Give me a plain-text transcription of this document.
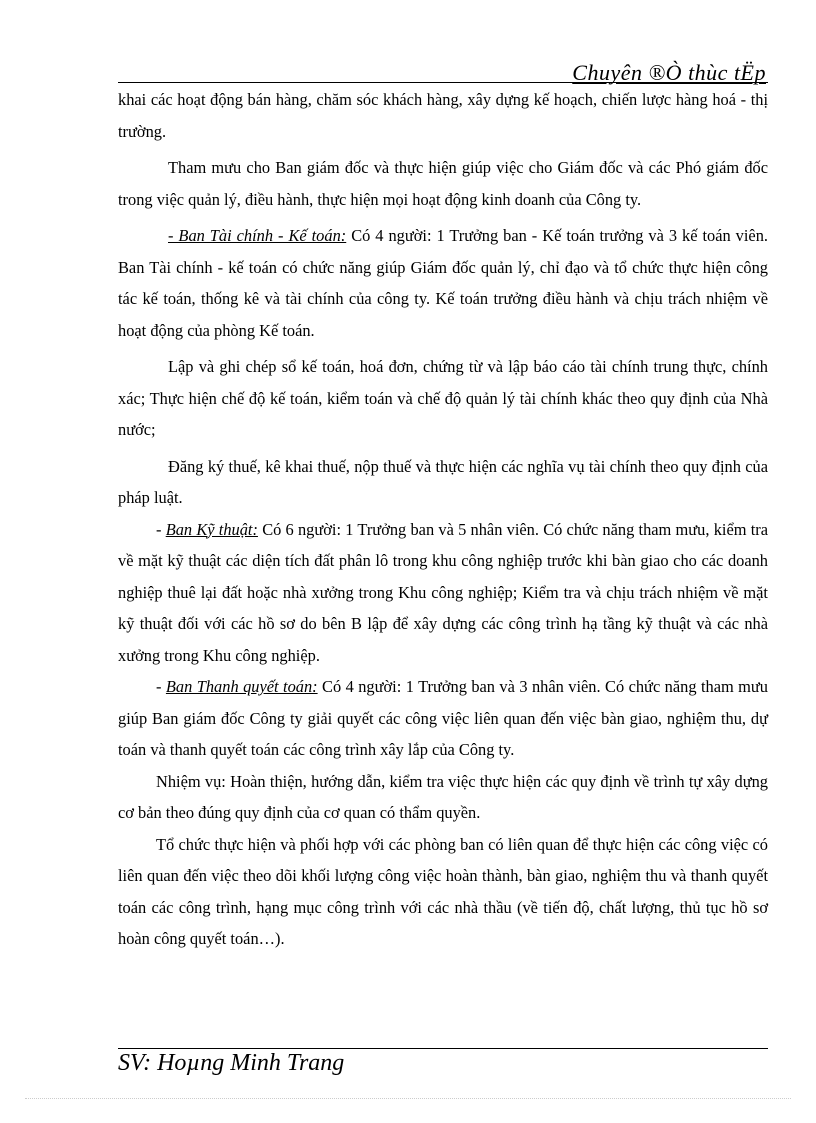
Chuyên ®Ò thùc tËp

khai các hoạt động bán hàng, chăm sóc khách hàng, xây dựng kế hoạch, chiến lược hàng hoá - thị trường.

Tham mưu cho Ban giám đốc và thực hiện giúp việc cho Giám đốc và các Phó giám đốc trong việc quản lý, điều hành, thực hiện mọi hoạt động kinh doanh của Công ty.

- Ban Tài chính - Kế toán: Có 4 người: 1 Trưởng ban - Kế toán trưởng và 3 kế toán viên. Ban Tài chính - kế toán có chức năng giúp Giám đốc quản lý, chỉ đạo và tổ chức thực hiện công tác kế toán, thống kê và tài chính của công ty. Kế toán trưởng điều hành và chịu trách nhiệm về hoạt động của phòng Kế toán.

Lập và ghi chép sổ kế toán, hoá đơn, chứng từ và lập báo cáo tài chính trung thực, chính xác; Thực hiện chế độ kế toán, kiểm toán và chế độ quản lý tài chính khác theo quy định của Nhà nước;

Đăng ký thuế, kê khai thuế, nộp thuế và thực hiện các nghĩa vụ tài chính theo quy định của pháp luật.

- Ban Kỹ thuật: Có 6 người: 1 Trưởng ban và 5 nhân viên. Có chức năng tham mưu, kiểm tra về mặt kỹ thuật các diện tích đất phân lô trong khu công nghiệp trước khi bàn giao cho các doanh nghiệp thuê lại đất hoặc nhà xưởng trong Khu công nghiệp; Kiểm tra và chịu trách nhiệm về mặt kỹ thuật đối với các hồ sơ do bên B lập để xây dựng các công trình hạ tầng kỹ thuật và các nhà xưởng trong Khu công nghiệp.

- Ban Thanh quyết toán: Có 4 người: 1 Trưởng ban và 3 nhân viên. Có chức năng tham mưu giúp Ban giám đốc Công ty giải quyết các công việc liên quan đến việc bàn giao, nghiệm thu, dự toán và thanh quyết toán các công trình xây lắp của Công ty.

Nhiệm vụ: Hoàn thiện, hướng dẫn, kiểm tra việc thực hiện các quy định về trình tự xây dựng cơ bản theo đúng quy định của cơ quan có thẩm quyền.

Tổ chức thực hiện và phối hợp với các phòng ban có liên quan để thực hiện các công việc có liên quan đến việc theo dõi khối lượng công việc hoàn thành, bàn giao, nghiệm thu và thanh quyết toán các công trình, hạng mục công trình với các nhà thầu (về tiến độ, chất lượng, thủ tục hồ sơ hoàn công quyết toán…).

SV: Hoµng Minh Trang
